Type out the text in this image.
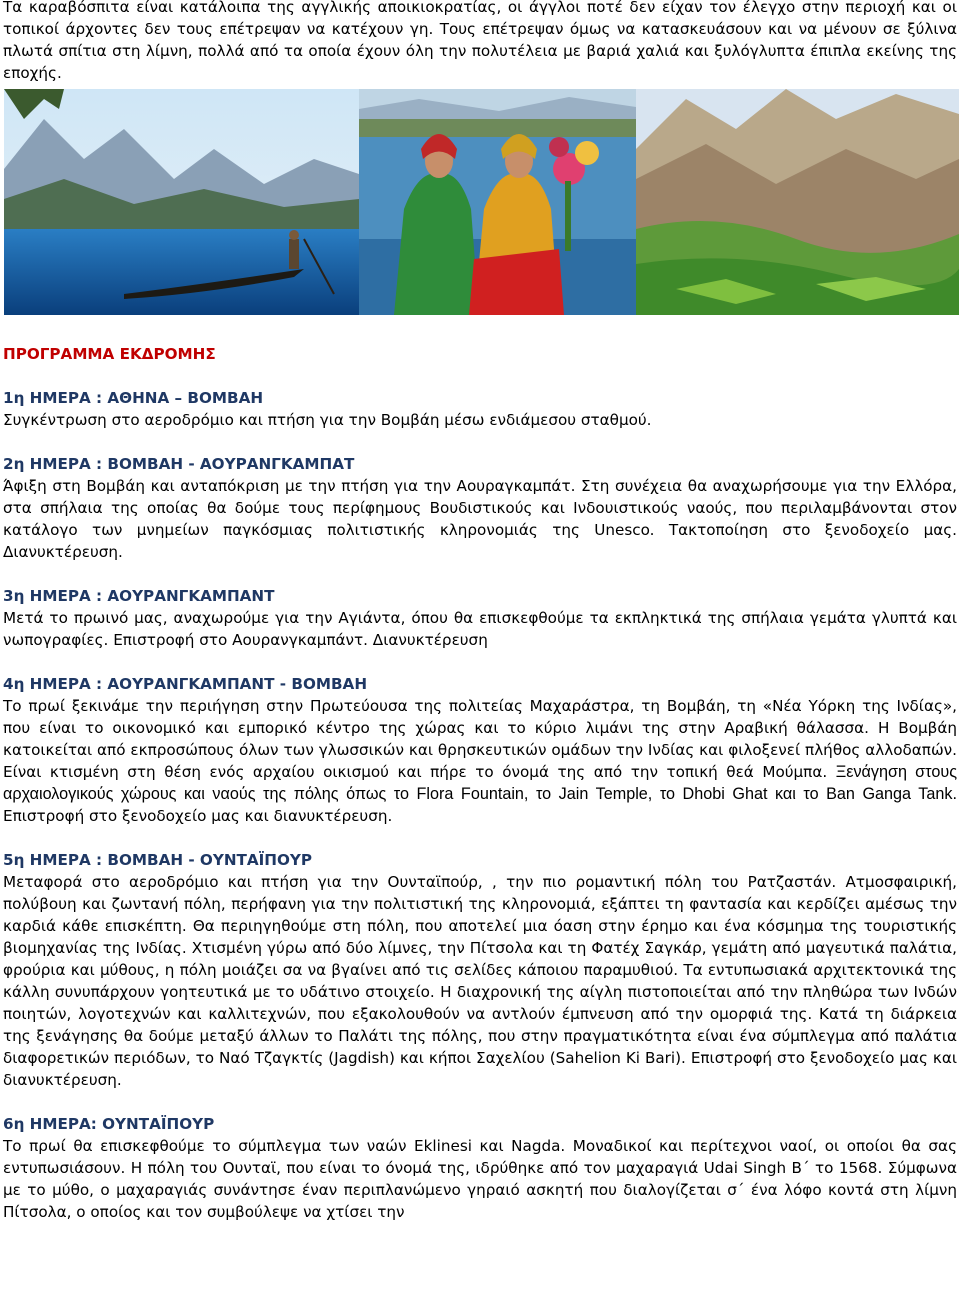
Τα καραβόσπιτα είναι κατάλοιπα της αγγλικής αποικιοκρατίας, οι άγγλοι ποτέ δεν είχαν τον έλεγχο στην περιοχή και οι τοπικοί άρχοντες δεν τους επέτρεψαν να κατέχουν γη. Τους επέτρεψαν όμως να κατασκευάσουν και να μένουν σε ξύλινα πλωτά σπίτια στη λίμνη, πολλά από τα οποία έχουν όλη την πολυτέλεια με βαριά χαλιά και ξυλόγλυπτα έπιπλα εκείνης της εποχής.

ΠΡΟΓΡΑΜΜΑ ΕΚΔΡΟΜΗΣ

1η ΗΜΕΡΑ : ΑΘΗΝΑ – ΒΟΜΒΑΗ

Συγκέντρωση στο αεροδρόμιο και πτήση για την Βομβάη μέσω ενδιάμεσου σταθμού.

2η ΗΜΕΡΑ : ΒΟΜΒΑΗ - ΑΟΥΡΑΝΓΚΑΜΠΑΤ

Άφιξη στη Βομβάη και ανταπόκριση με την πτήση για την Αουραγκαμπάτ. Στη συνέχεια θα αναχωρήσουμε για την Ελλόρα, στα σπήλαια της οποίας θα δούμε τους περίφημους Βουδιστικούς και Ινδουιστικούς ναούς, που περιλαμβάνονται στον κατάλογο των μνημείων παγκόσμιας πολιτιστικής κληρονομιάς της Unesco. Τακτοποίηση στο ξενοδοχείο μας. Διανυκτέρευση.

3η ΗΜΕΡΑ : ΑΟΥΡΑΝΓΚΑΜΠΑΝΤ

Μετά το πρωινό μας, αναχωρούμε για την Αγιάντα, όπου θα επισκεφθούμε τα εκπληκτικά της σπήλαια γεμάτα γλυπτά και νωπογραφίες. Επιστροφή στο Αουρανγκαμπάντ. Διανυκτέρευση

4η ΗΜΕΡΑ : ΑΟΥΡΑΝΓΚΑΜΠΑΝΤ - ΒΟΜΒΑΗ

Το πρωί ξεκινάμε την περιήγηση στην Πρωτεύουσα της πολιτείας Μαχαράστρα, τη Βομβάη, τη «Νέα Υόρκη της Ινδίας», που είναι το οικονομικό και εμπορικό κέντρο της χώρας και το κύριο λιμάνι της στην Αραβική θάλασσα. Η Βομβάη κατοικείται από εκπροσώπους όλων των γλωσσικών και θρησκευτικών ομάδων την Ινδίας και φιλοξενεί πλήθος αλλοδαπών. Είναι κτισμένη στη θέση ενός αρχαίου οικισμού και πήρε το όνομά της από την τοπική θεά Μούμπα. Ξενάγηση στους αρχαιολογικούς χώρους και ναούς της πόλης όπως το Flora Fountain, το Jain Temple, το Dhobi Ghat και το Ban Ganga Tank. Επιστροφή στο ξενοδοχείο μας και διανυκτέρευση.

5η ΗΜΕΡΑ : ΒΟΜΒΑΗ - ΟΥΝΤΑΪΠΟΥΡ

Μεταφορά στο αεροδρόμιο και πτήση για την Ουνταϊπούρ, , την πιο ρομαντική πόλη του Ρατζαστάν. Ατμοσφαιρική, πολύβουη και ζωντανή πόλη, περήφανη για την πολιτιστική της κληρονομιά, εξάπτει τη φαντασία και κερδίζει αμέσως την καρδιά κάθε επισκέπτη. Θα περιηγηθούμε στη πόλη, που αποτελεί μια όαση στην έρημο και ένα κόσμημα της τουριστικής βιομηχανίας της Ινδίας. Χτισμένη γύρω από δύο λίμνες, την Πίτσολα και τη Φατέχ Σαγκάρ, γεμάτη από μαγευτικά παλάτια, φρούρια και μύθους, η πόλη μοιάζει σα να βγαίνει από τις σελίδες κάποιου παραμυθιού. Τα εντυπωσιακά αρχιτεκτονικά της κάλλη συνυπάρχουν γοητευτικά με το υδάτινο στοιχείο. Η διαχρονική της αίγλη πιστοποιείται από την πληθώρα των Ινδών ποιητών, λογοτεχνών και καλλιτεχνών, που εξακολουθούν να αντλούν έμπνευση από την ομορφιά της. Κατά τη διάρκεια της ξενάγησης θα δούμε μεταξύ άλλων το Παλάτι της πόλης, που στην πραγματικότητα είναι ένα σύμπλεγμα από παλάτια διαφορετικών περιόδων, το Ναό Τζαγκτίς (Jagdish) και κήποι Σαχελίου (Sahelion Ki Bari). Επιστροφή στο ξενοδοχείο μας και διανυκτέρευση.

6η ΗΜΕΡΑ: ΟΥΝΤΑΪΠΟΥΡ

Το πρωί θα επισκεφθούμε το σύμπλεγμα των ναών Eklinesi και Nagda. Μοναδικοί και περίτεχνοι ναοί, οι οποίοι θα σας εντυπωσιάσουν. Η πόλη του Ουνταϊ, που είναι το όνομά της, ιδρύθηκε από τον μαχαραγιά Udai Singh B΄ το 1568. Σύμφωνα με το μύθο, ο μαχαραγιάς συνάντησε έναν περιπλανώμενο γηραιό ασκητή που διαλογίζεται σ΄ ένα λόφο κοντά στη λίμνη Πίτσολα, ο οποίος και τον συμβούλεψε να χτίσει την
